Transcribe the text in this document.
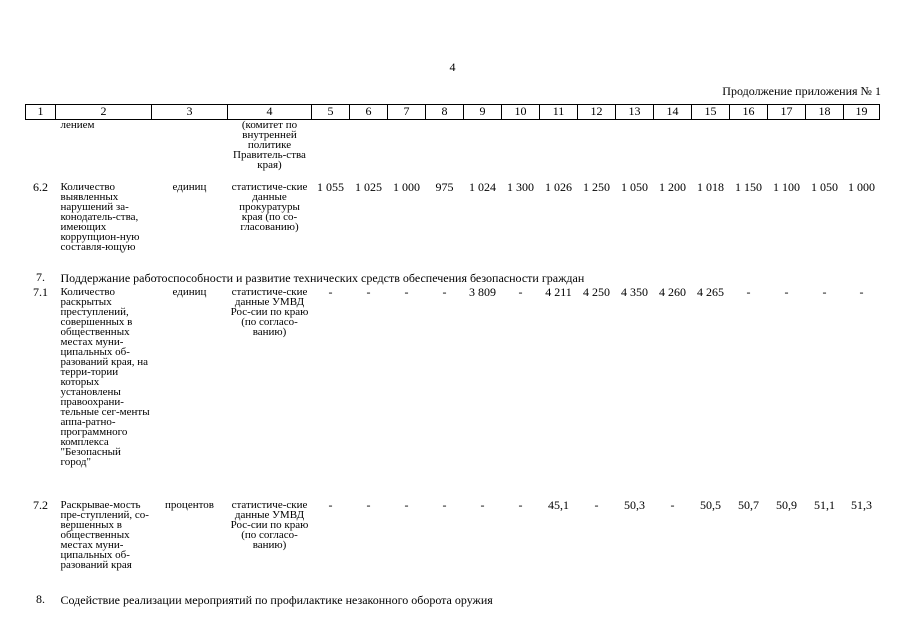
4
Продолжение приложения № 1
1	2	3	4	5	6	7	8	9	10	11	12	13	14	15	16	17	18	19
	лением		(комитет по внутренней политике Правитель-ства края)															
6.2	Количество выявленных нарушений за-конодатель-ства, имеющих коррупцион-ную составля-ющую	единиц	статистиче-ские данные прокуратуры края (по со-гласованию)	1 055	1 025	1 000	975	1 024	1 300	1 026	1 250	1 050	1 200	1 018	1 150	1 100	1 050	1 000
7.	Поддержание работоспособности и развитие технических средств обеспечения безопасности граждан																	
7.1	Количество раскрытых преступлений, совершенных в общественных местах муни-ципальных об-разований края, на терри-тории которых установлены правоохрани-тельные сег-менты аппа-ратно-программного комплекса "Безопасный город"	единиц	статистиче-ские данные УМВД Рос-сии по краю (по согласо-ванию)	-	-	-	-	3 809	-	4 211	4 250	4 350	4 260	4 265	-	-	-	-
7.2	Раскрывае-мость пре-ступлений, со-вершенных в общественных местах муни-ципальных об-разований края	процентов	статистиче-ские данные УМВД Рос-сии по краю (по согласо-ванию)	-	-	-	-	-	-	45,1	-	50,3	-	50,5	50,7	50,9	51,1	51,3
8.	Содействие реализации мероприятий по профилактике незаконного оборота оружия																	
